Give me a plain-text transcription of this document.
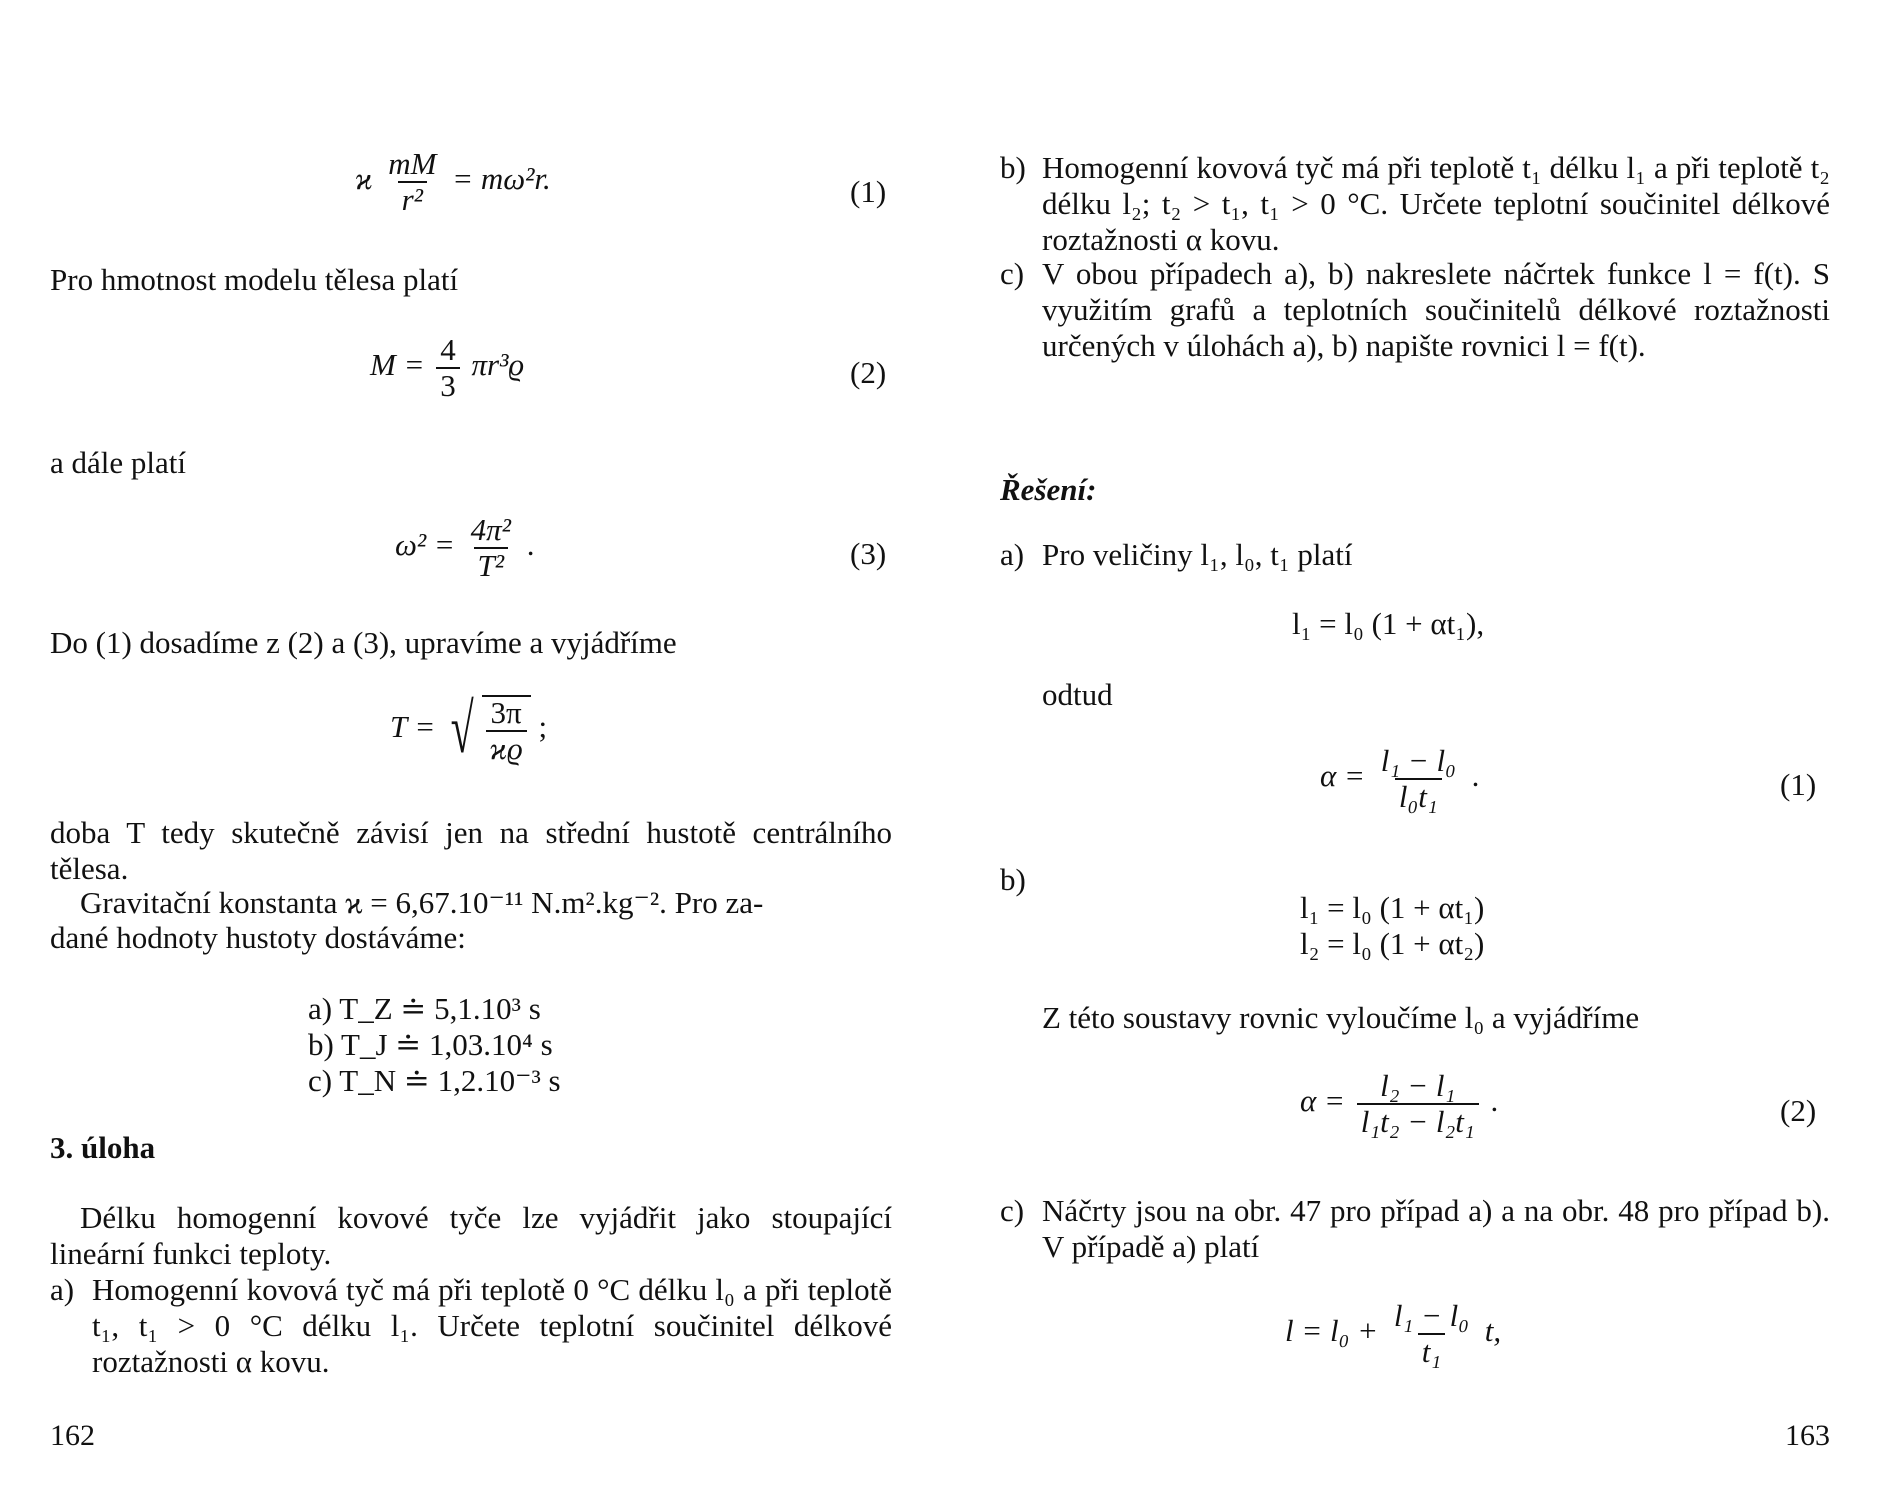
ϰ $\frac{mM}{\text{r²}} = m\omega^2r$.	(1)
Pro hmotnost modelu tělesa platí
$M = \frac{4}{3} \pi r^3ϱ$	(2)
a dále platí
$\omega^2 = \frac{\text{4π²}}{\text{T²}}$ .	(3)
Do (1) dosadíme z (2) a (3), upravíme a vyjádříme
T = √ $\frac{3\pi}{ϰϱ}$ ;
doba T tedy skutečně závisí jen na střední hustotě centrálního tělesa.
Gravitační konstanta ϰ = 6,67.10⁻¹¹ N.m².kg⁻². Pro za-
dané hodnoty hustoty dostáváme:
a) T_Z ≐ 5,1.10³ s
b) T_J ≐ 1,03.10⁴ s
c) T_N ≐ 1,2.10⁻³ s
3. úloha
Délku homogenní kovové tyče lze vyjádřit jako stoupající lineární funkci teploty.
a) Homogenní kovová tyč má při teplotě 0 °C délku l₀ a při teplotě t₁, t₁ > 0 °C délku l₁. Určete teplotní součinitel délkové roztažnosti α kovu.
162
b) Homogenní kovová tyč má při teplotě t₁ délku l₁ a při teplotě t₂ délku l₂; t₂ > t₁, t₁ > 0 °C. Určete teplotní součinitel délkové roztažnosti α kovu.
c) V obou případech a), b) nakreslete náčrtek funkce l = f(t). S využitím grafů a teplotních součinitelů délkové roztažnosti určených v úlohách a), b) napište rovnici l = f(t).
Řešení:
a) Pro veličiny l₁, l₀, t₁ platí
l₁ = l₀ (1 + αt₁),
odtud
$\alpha = \frac{\text{l₁ − l₀}}{\text{l₀t₁}}$ .	(1)
b)
l₁ = l₀ (1 + αt₁)
l₂ = l₀ (1 + αt₂)
Z této soustavy rovnic vyloučíme l₀ a vyjádříme
$\alpha = \frac{\text{l₂ − l₁}}{\text{l₁t₂ − l₂t₁}}$ .	(2)
c) Náčrty jsou na obr. 47 pro případ a) a na obr. 48 pro případ b). V případě a) platí
$l = l_0 + \frac{\text{l₁ − l₀}}{\text{t₁}} t$,
163
